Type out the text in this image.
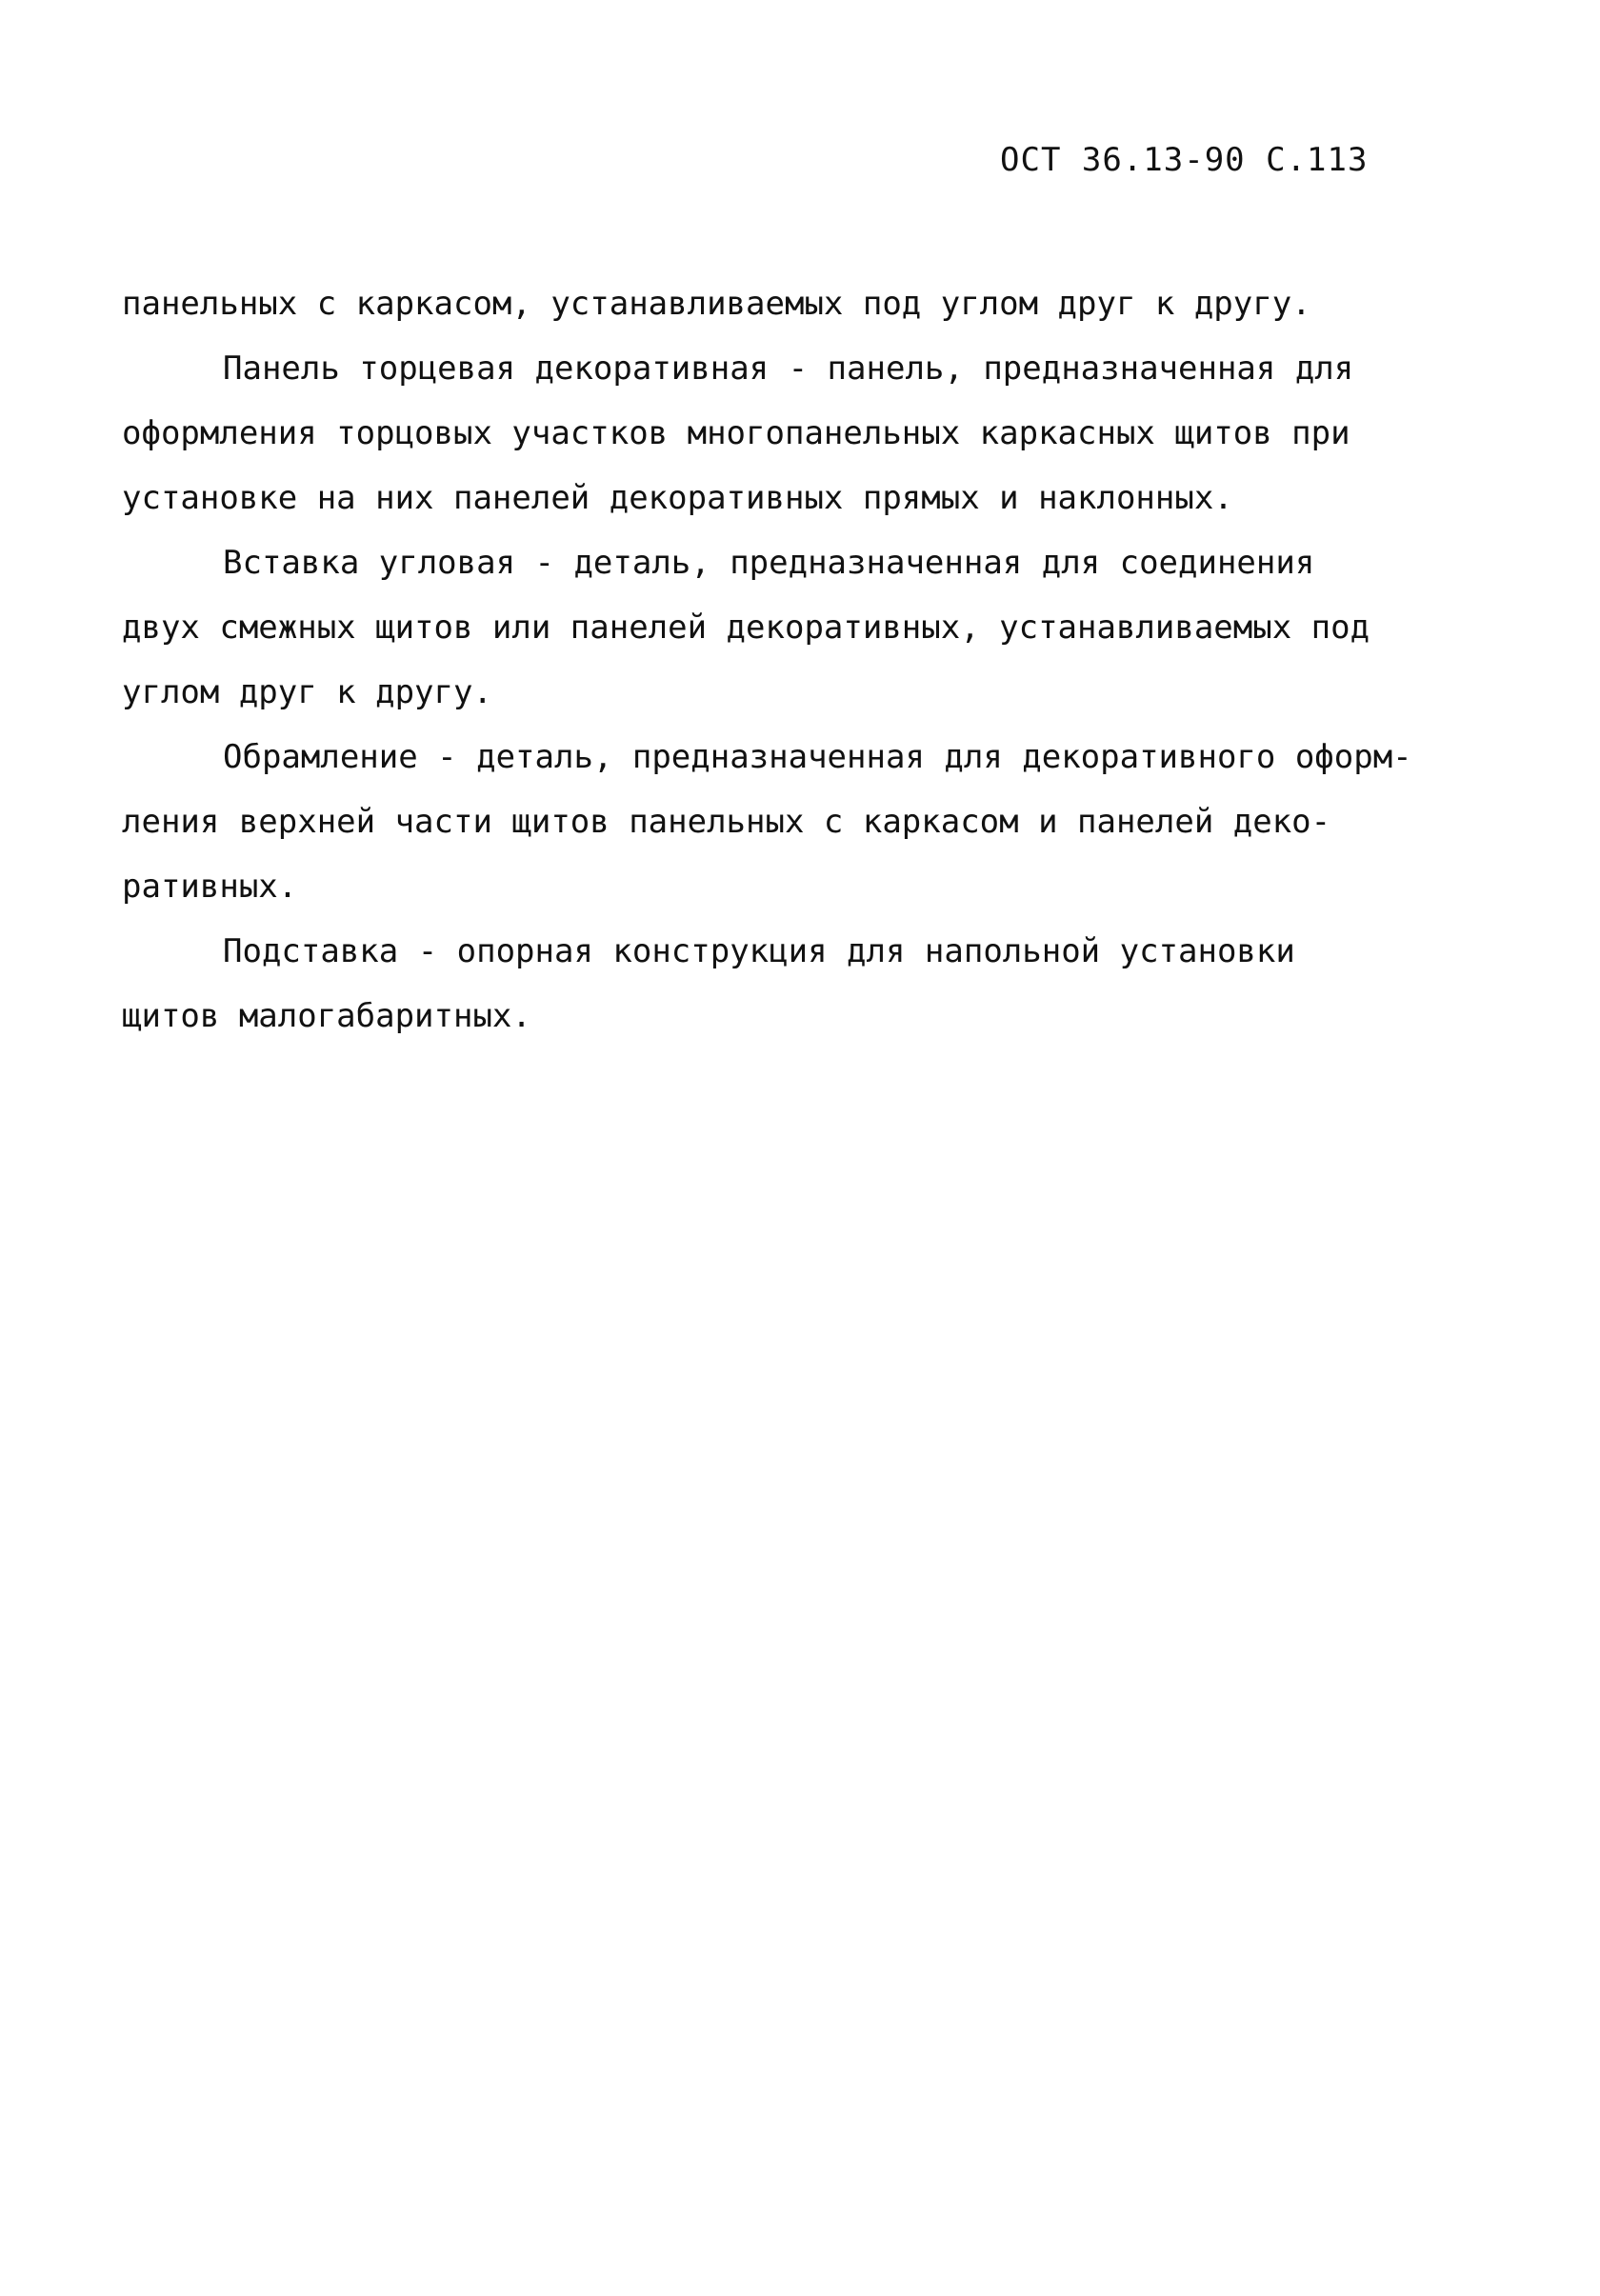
ОСТ 36.13-90 С.113
панельных с каркасом, устанавливаемых под углом друг к другу.
Панель торцевая декоративная - панель, предназначенная для
оформления торцовых участков многопанельных каркасных щитов при
установке на них панелей декоративных прямых и наклонных.
Вставка угловая - деталь, предназначенная для соединения
двух смежных щитов или панелей декоративных, устанавливаемых под
углом друг к другу.
Обрамление - деталь, предназначенная для декоративного оформ-
ления верхней части щитов панельных с каркасом и панелей деко-
ративных.
Подставка - опорная конструкция для напольной установки
щитов малогабаритных.
